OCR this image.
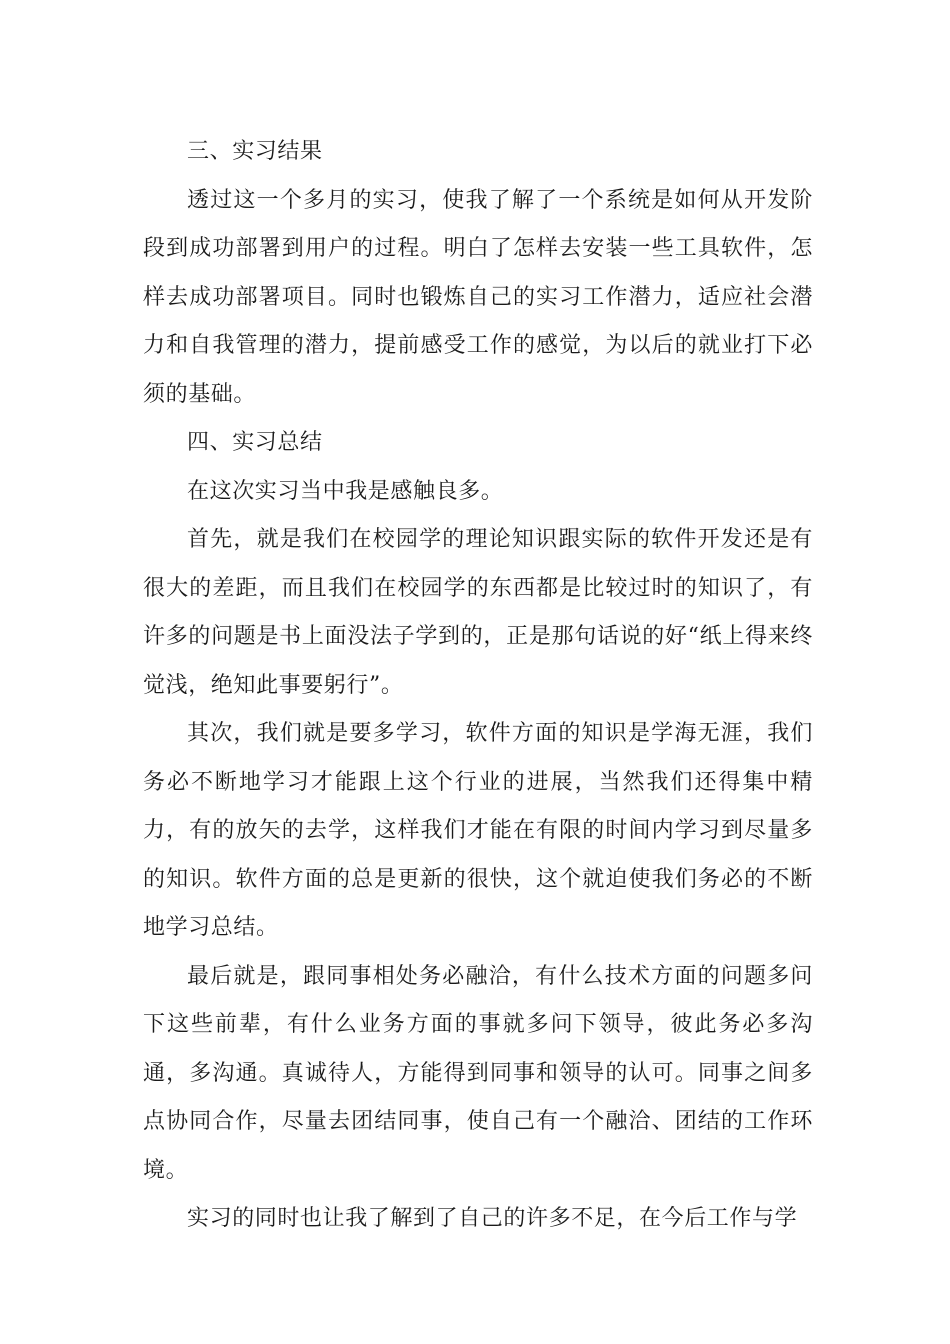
三、实习结果

透过这一个多月的实习，使我了解了一个系统是如何从开发阶段到成功部署到用户的过程。明白了怎样去安装一些工具软件，怎样去成功部署项目。同时也锻炼自己的实习工作潜力，适应社会潜力和自我管理的潜力，提前感受工作的感觉，为以后的就业打下必须的基础。

四、实习总结

在这次实习当中我是感触良多。

首先，就是我们在校园学的理论知识跟实际的软件开发还是有很大的差距，而且我们在校园学的东西都是比较过时的知识了，有许多的问题是书上面没法子学到的，正是那句话说的好“纸上得来终觉浅，绝知此事要躬行”。

其次，我们就是要多学习，软件方面的知识是学海无涯，我们务必不断地学习才能跟上这个行业的进展，当然我们还得集中精力，有的放矢的去学，这样我们才能在有限的时间内学习到尽量多的知识。软件方面的总是更新的很快，这个就迫使我们务必的不断地学习总结。

最后就是，跟同事相处务必融洽，有什么技术方面的问题多问下这些前辈，有什么业务方面的事就多问下领导，彼此务必多沟通，多沟通。真诚待人，方能得到同事和领导的认可。同事之间多点协同合作，尽量去团结同事，使自己有一个融洽、团结的工作环境。

实习的同时也让我了解到了自己的许多不足，在今后工作与学
